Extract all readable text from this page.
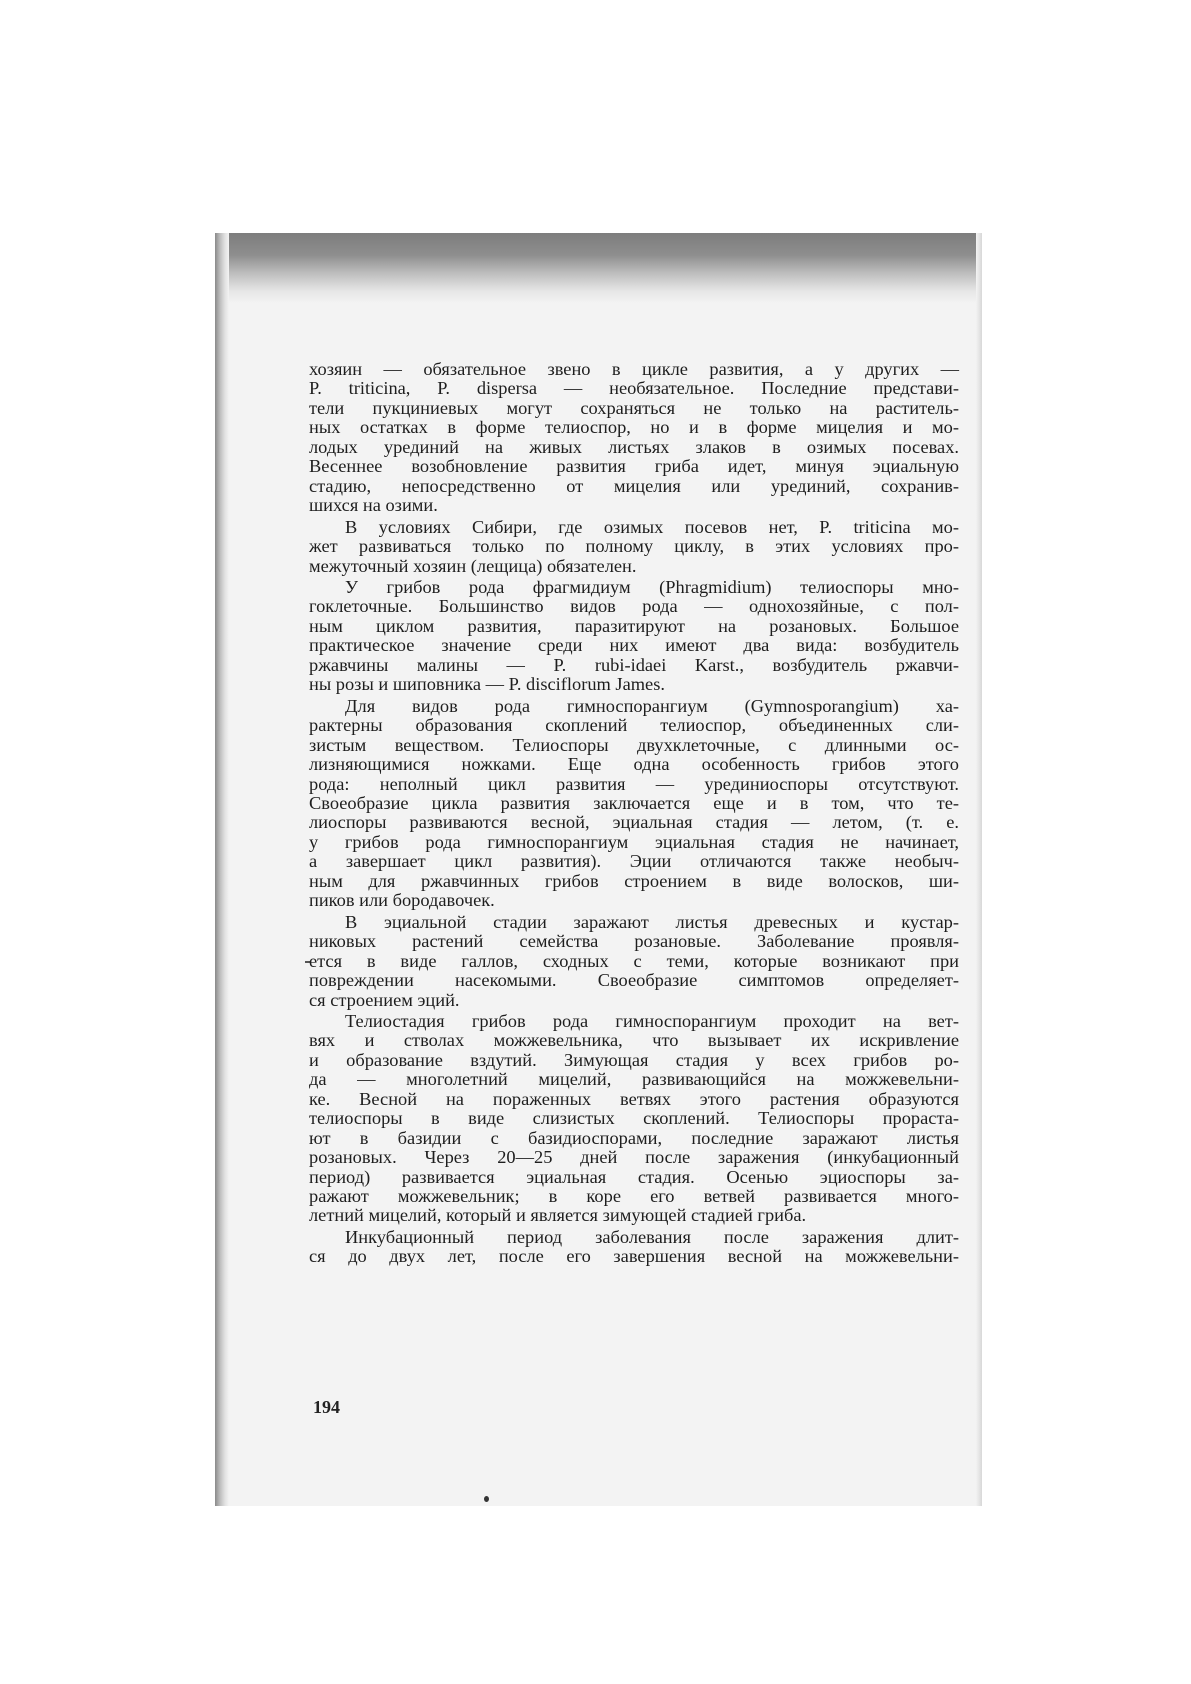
хозяин — обязательное звено в цикле развития, а у других —
P. triticina, P. dispersa — необязательное. Последние представи-
тели пукциниевых могут сохраняться не только на раститель-
ных остатках в форме телиоспор, но и в форме мицелия и мо-
лодых урединий на живых листьях злаков в озимых посевах.
Весеннее возобновление развития гриба идет, минуя эциальную
стадию, непосредственно от мицелия или урединий, сохранив-
шихся на озими.

В условиях Сибири, где озимых посевов нет, P. triticina мо-
жет развиваться только по полному циклу, в этих условиях про-
межуточный хозяин (лещица) обязателен.

У грибов рода фрагмидиум (Phragmidium) телиоспоры мно-
гоклеточные. Большинство видов рода — однохозяйные, с пол-
ным циклом развития, паразитируют на розановых. Большое
практическое значение среди них имеют два вида: возбудитель
ржавчины малины — P. rubi-idaei Karst., возбудитель ржавчи-
ны розы и шиповника — P. disciflorum James.

Для видов рода гимноспорангиум (Gymnosporangium) ха-
рактерны образования скоплений телиоспор, объединенных сли-
зистым веществом. Телиоспоры двухклеточные, с длинными ос-
лизняющимися ножками. Еще одна особенность грибов этого
рода: неполный цикл развития — урединиоспоры отсутствуют.
Своеобразие цикла развития заключается еще и в том, что те-
лиоспоры развиваются весной, эциальная стадия — летом, (т. е.
у грибов рода гимноспорангиум эциальная стадия не начинает,
а завершает цикл развития). Эции отличаются также необыч-
ным для ржавчинных грибов строением в виде волосков, ши-
пиков или бородавочек.

В эциальной стадии заражают листья древесных и кустар-
никовых растений семейства розановые. Заболевание проявля-
ется в виде галлов, сходных с теми, которые возникают при
повреждении насекомыми. Своеобразие симптомов определяет-
ся строением эций.

Телиостадия грибов рода гимноспорангиум проходит на вет-
вях и стволах можжевельника, что вызывает их искривление
и образование вздутий. Зимующая стадия у всех грибов ро-
да — многолетний мицелий, развивающийся на можжевельни-
ке. Весной на пораженных ветвях этого растения образуются
телиоспоры в виде слизистых скоплений. Телиоспоры прораста-
ют в базидии с базидиоспорами, последние заражают листья
розановых. Через 20—25 дней после заражения (инкубационный
период) развивается эциальная стадия. Осенью эциоспоры за-
ражают можжевельник; в коре его ветвей развивается много-
летний мицелий, который и является зимующей стадией гриба.

Инкубационный период заболевания после заражения длит-
ся до двух лет, после его завершения весной на можжевельни-

194
